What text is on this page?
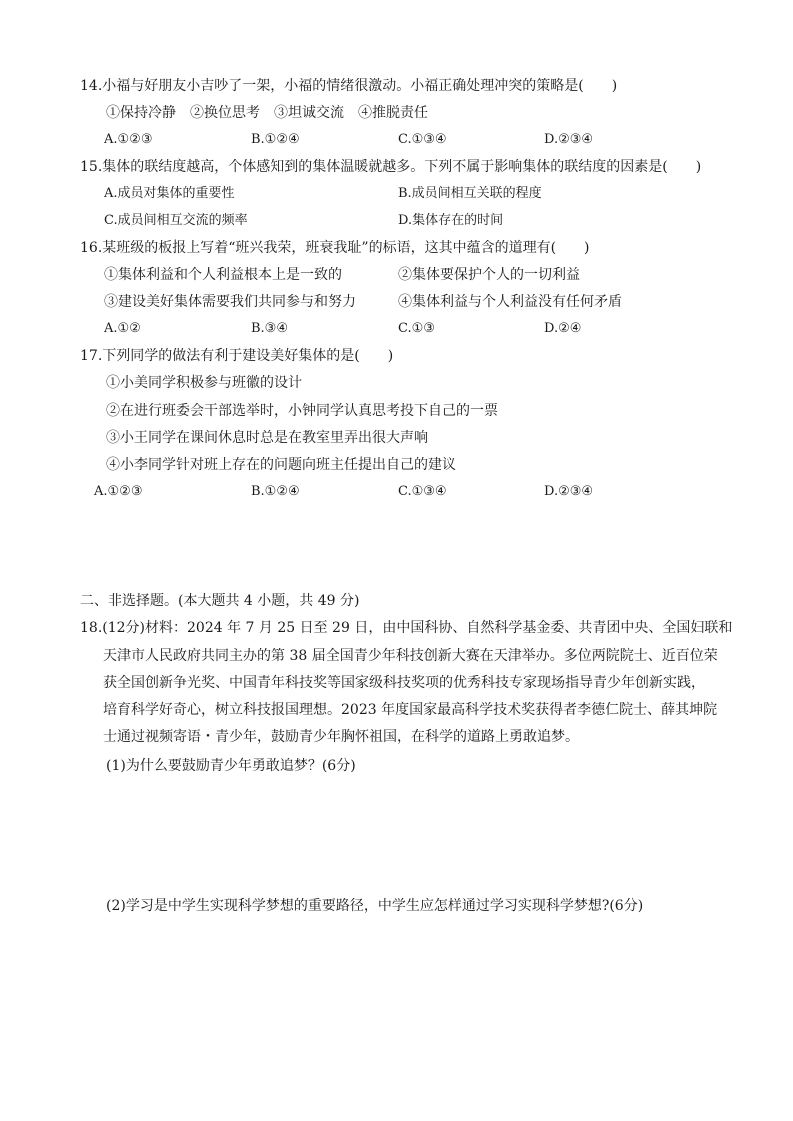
14.小福与好朋友小吉吵了一架，小福的情绪很激动。小福正确处理冲突的策略是(　　)
①保持冷静　②换位思考　③坦诚交流　④推脱责任
A.①②③	B.①②④	C.①③④	D.②③④
15.集体的联结度越高，个体感知到的集体温暖就越多。下列不属于影响集体的联结度的因素是(　　)
A.成员对集体的重要性	B.成员间相互关联的程度
C.成员间相互交流的频率	D.集体存在的时间
16.某班级的板报上写着“班兴我荣，班衰我耻”的标语，这其中蕴含的道理有(　　)
①集体利益和个人利益根本上是一致的	②集体要保护个人的一切利益
③建设美好集体需要我们共同参与和努力	④集体利益与个人利益没有任何矛盾
A.①②	B.③④	C.①③	D.②④
17.下列同学的做法有利于建设美好集体的是(　　)
①小美同学积极参与班徽的设计
②在进行班委会干部选举时，小钟同学认真思考投下自己的一票
③小王同学在课间休息时总是在教室里弄出很大声响
④小李同学针对班上存在的问题向班主任提出自己的建议
A.①②③	B.①②④	C.①③④	D.②③④
二、非选择题。(本大题共 4 小题，共 49 分)
18.(12分)材料：2024 年 7 月 25 日至 29 日，由中国科协、自然科学基金委、共青团中央、全国妇联和
天津市人民政府共同主办的第 38 届全国青少年科技创新大赛在天津举办。多位两院院士、近百位荣
获全国创新争光奖、中国青年科技奖等国家级科技奖项的优秀科技专家现场指导青少年创新实践，
培育科学好奇心，树立科技报国理想。2023 年度国家最高科学技术奖获得者李德仁院士、薛其坤院
士通过视频寄语・青少年，鼓励青少年胸怀祖国，在科学的道路上勇敢追梦。
(1)为什么要鼓励青少年勇敢追梦？(6分)
(2)学习是中学生实现科学梦想的重要路径，中学生应怎样通过学习实现科学梦想?(6分)
